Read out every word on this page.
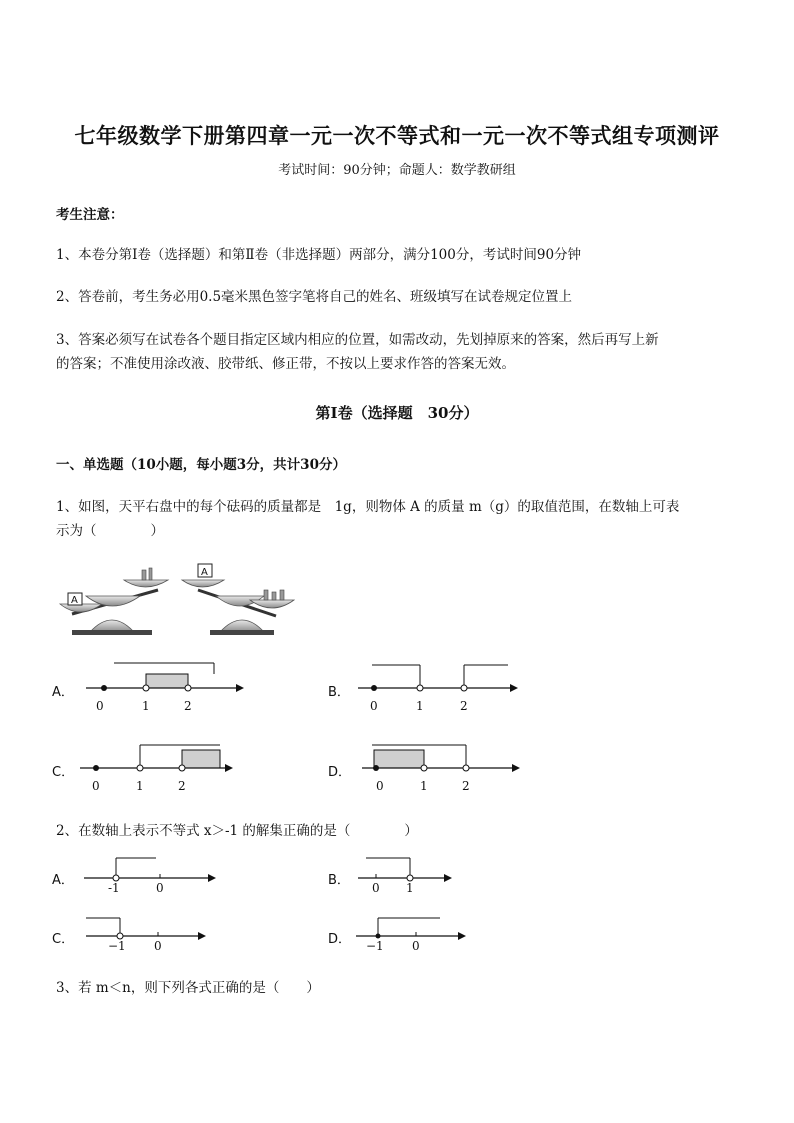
七年级数学下册第四章一元一次不等式和一元一次不等式组专项测评
考试时间：90分钟；命题人：数学教研组
考生注意：
1、本卷分第Ⅰ卷（选择题）和第Ⅱ卷（非选择题）两部分，满分100分，考试时间90分钟
2、答卷前，考生务必用0.5毫米黑色签字笔将自己的姓名、班级填写在试卷规定位置上
3、答案必须写在试卷各个题目指定区域内相应的位置，如需改动，先划掉原来的答案，然后再写上新
的答案；不准使用涂改液、胶带纸、修正带，不按以上要求作答的答案无效。
第Ⅰ卷（选择题　30分）
一、单选题（10小题，每小题3分，共计30分）
1、如图，天平右盘中的每个砝码的质量都是　1g，则物体 A 的质量 m（g）的取值范围，在数轴上可表
示为（　　　　）
A
A
A．
0	1	2
B．
0	1	2
C．
0	1	2
D．
0	1	2
2、在数轴上表示不等式 x＞-1 的解集正确的是（　　　　）
A．	-1	0	B． 0 1
C．	−1 0	D． −1 0
3、若 m＜n，则下列各式正确的是（　　）
